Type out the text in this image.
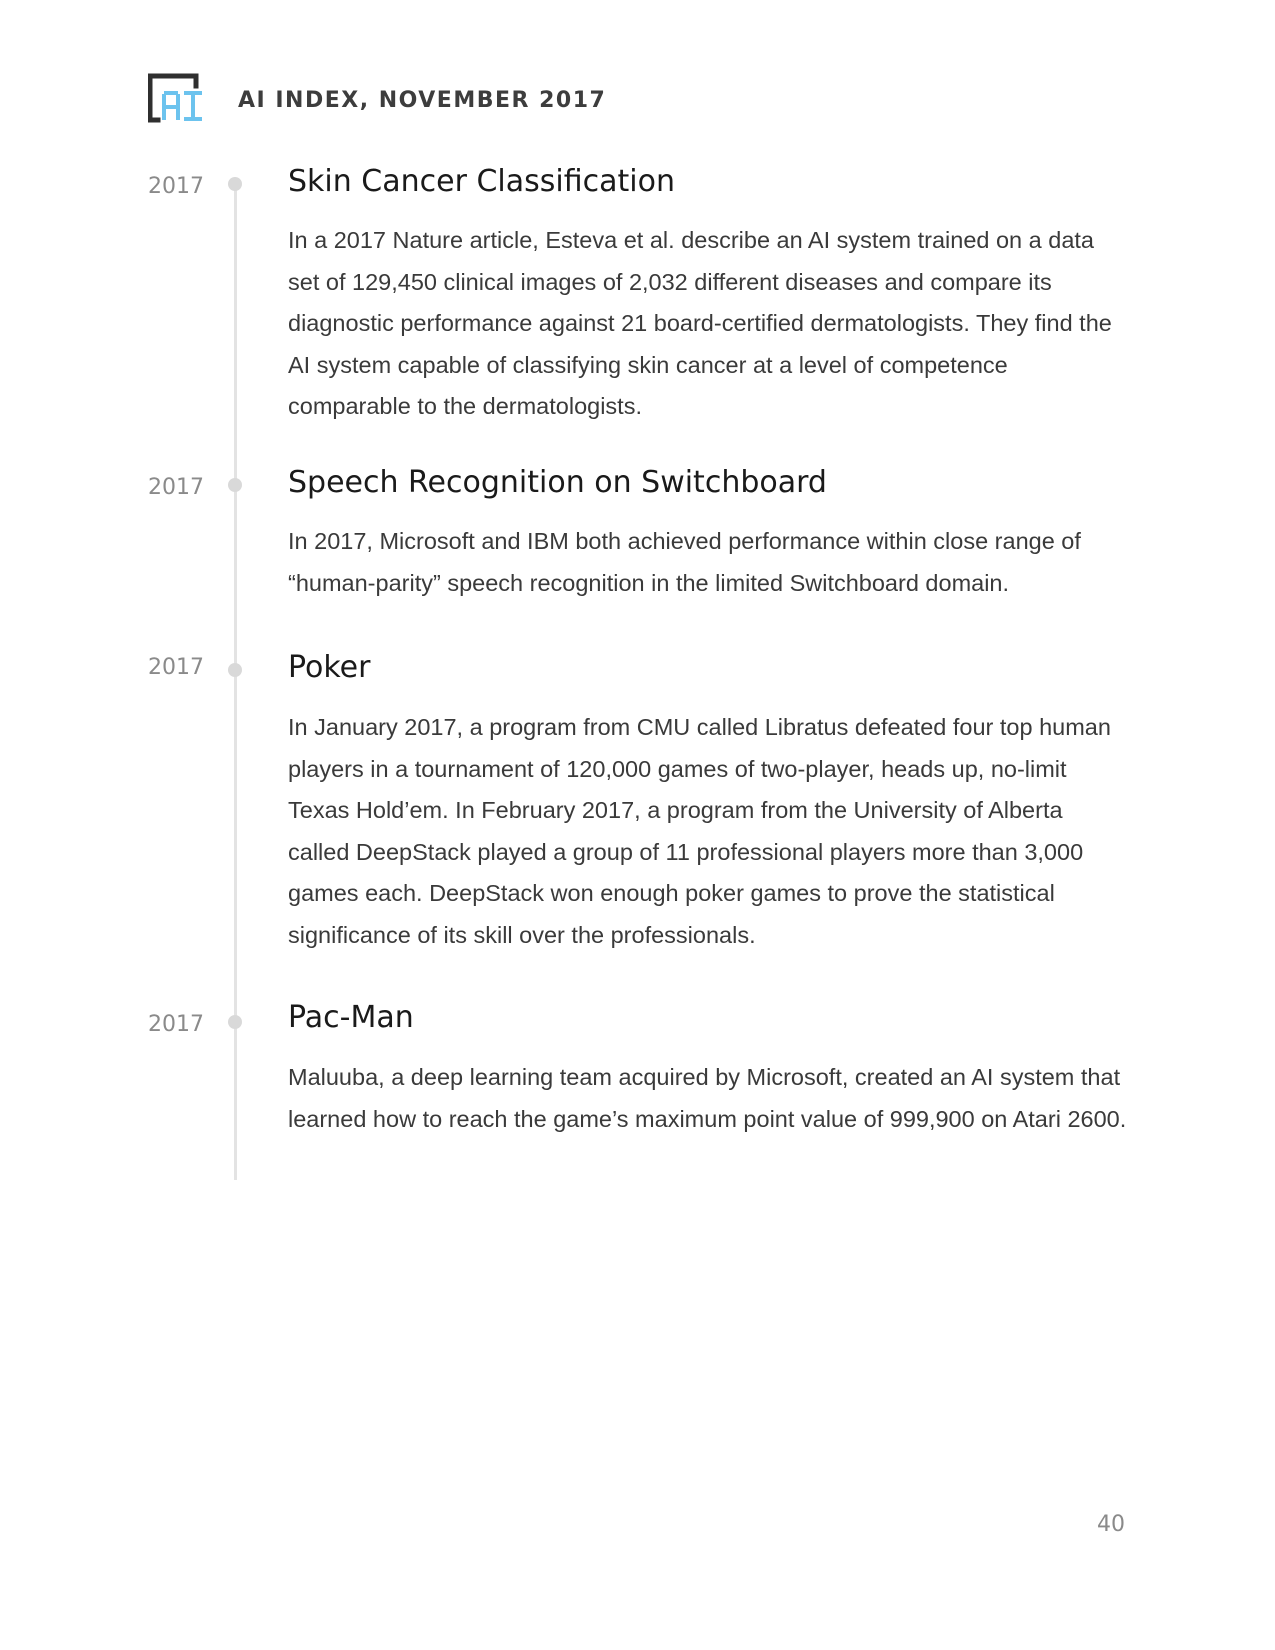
AI INDEX, NOVEMBER 2017
2017	Skin Cancer Classification

In a 2017 Nature article, Esteva et al. describe an AI system trained on a data set of 129,450 clinical images of 2,032 different diseases and compare its diagnostic performance against 21 board-certified dermatologists. They find the AI system capable of classifying skin cancer at a level of competence comparable to the dermatologists.

2017	Speech Recognition on Switchboard

In 2017, Microsoft and IBM both achieved performance within close range of “human-parity” speech recognition in the limited Switchboard domain.

2017	Poker

In January 2017, a program from CMU called Libratus defeated four top human players in a tournament of 120,000 games of two-player, heads up, no-limit Texas Hold’em. In February 2017, a program from the University of Alberta called DeepStack played a group of 11 professional players more than 3,000 games each. DeepStack won enough poker games to prove the statistical significance of its skill over the professionals.

2017	Pac-Man

Maluuba, a deep learning team acquired by Microsoft, created an AI system that learned how to reach the game’s maximum point value of 999,900 on Atari 2600.

40
